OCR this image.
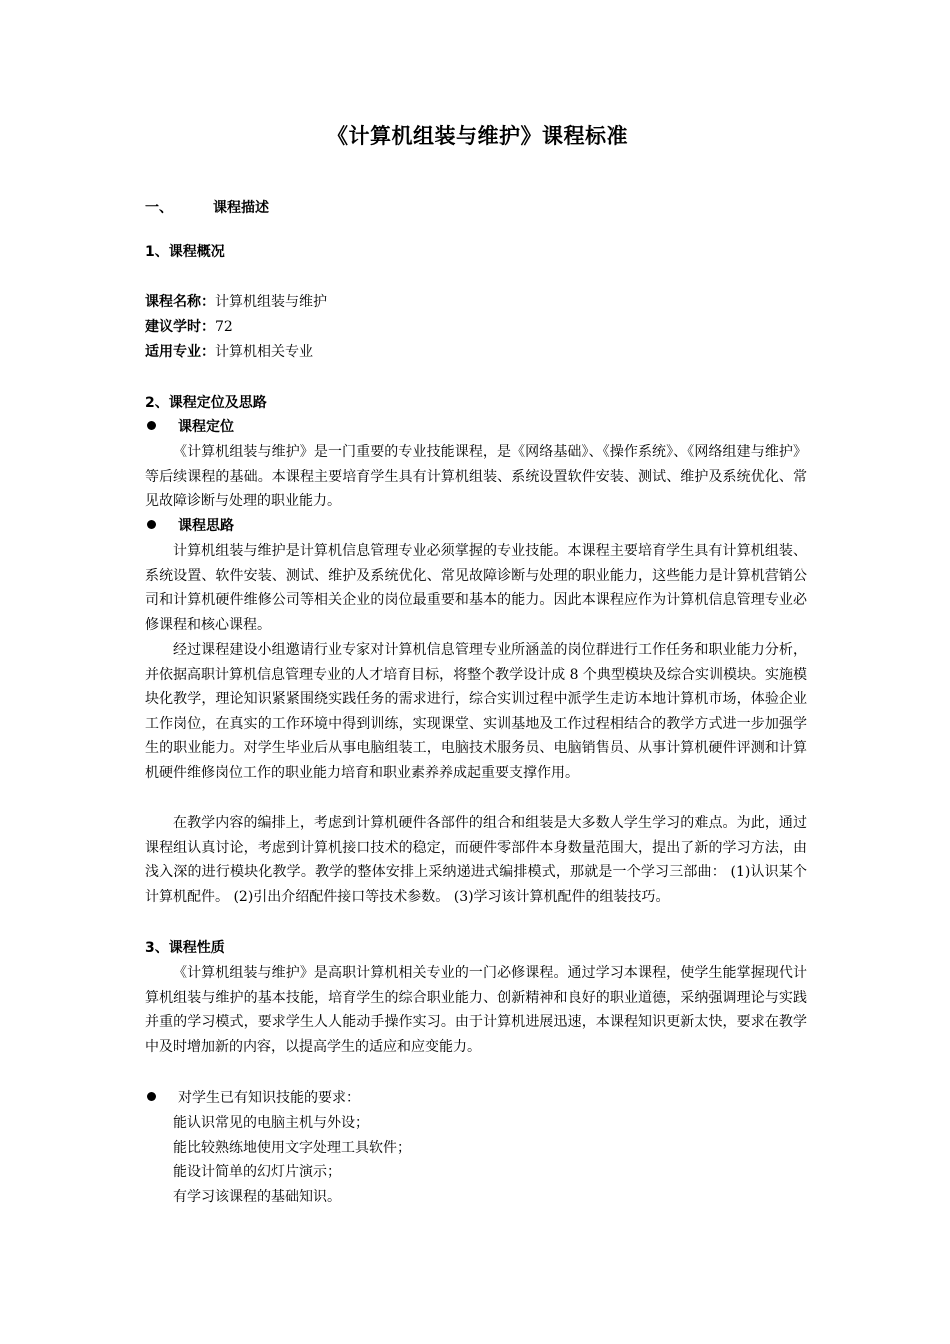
《计算机组装与维护》课程标准
一、	课程描述
1、课程概况
课程名称：计算机组装与维护
建议学时：72
适用专业：计算机相关专业
2、课程定位及思路
课程定位
《计算机组装与维护》是一门重要的专业技能课程，是《网络基础》、《操作系统》、《网络组建与维护》等后续课程的基础。本课程主要培育学生具有计算机组装、系统设置软件安装、测试、维护及系统优化、常见故障诊断与处理的职业能力。
课程思路
计算机组装与维护是计算机信息管理专业必须掌握的专业技能。本课程主要培育学生具有计算机组装、系统设置、软件安装、测试、维护及系统优化、常见故障诊断与处理的职业能力，这些能力是计算机营销公司和计算机硬件维修公司等相关企业的岗位最重要和基本的能力。因此本课程应作为计算机信息管理专业必修课程和核心课程。
经过课程建设小组邀请行业专家对计算机信息管理专业所涵盖的岗位群进行工作任务和职业能力分析，并依据高职计算机信息管理专业的人才培育目标，将整个教学设计成 8 个典型模块及综合实训模块。实施模块化教学，理论知识紧紧围绕实践任务的需求进行，综合实训过程中派学生走访本地计算机市场，体验企业工作岗位，在真实的工作环境中得到训练，实现课堂、实训基地及工作过程相结合的教学方式进一步加强学生的职业能力。对学生毕业后从事电脑组装工，电脑技术服务员、电脑销售员、从事计算机硬件评测和计算机硬件维修岗位工作的职业能力培育和职业素养养成起重要支撑作用。
在教学内容的编排上，考虑到计算机硬件各部件的组合和组装是大多数人学生学习的难点。为此，通过课程组认真讨论，考虑到计算机接口技术的稳定，而硬件零部件本身数量范围大，提出了新的学习方法，由浅入深的进行模块化教学。教学的整体安排上采纳递进式编排模式，那就是一个学习三部曲： (1)认识某个计算机配件。 (2)引出介绍配件接口等技术参数。 (3)学习该计算机配件的组装技巧。
3、课程性质
《计算机组装与维护》是高职计算机相关专业的一门必修课程。通过学习本课程，使学生能掌握现代计算机组装与维护的基本技能，培育学生的综合职业能力、创新精神和良好的职业道德，采纳强调理论与实践并重的学习模式，要求学生人人能动手操作实习。由于计算机进展迅速，本课程知识更新太快，要求在教学中及时增加新的内容，以提高学生的适应和应变能力。
对学生已有知识技能的要求：
能认识常见的电脑主机与外设；
能比较熟练地使用文字处理工具软件；
能设计简单的幻灯片演示；
有学习该课程的基础知识。
